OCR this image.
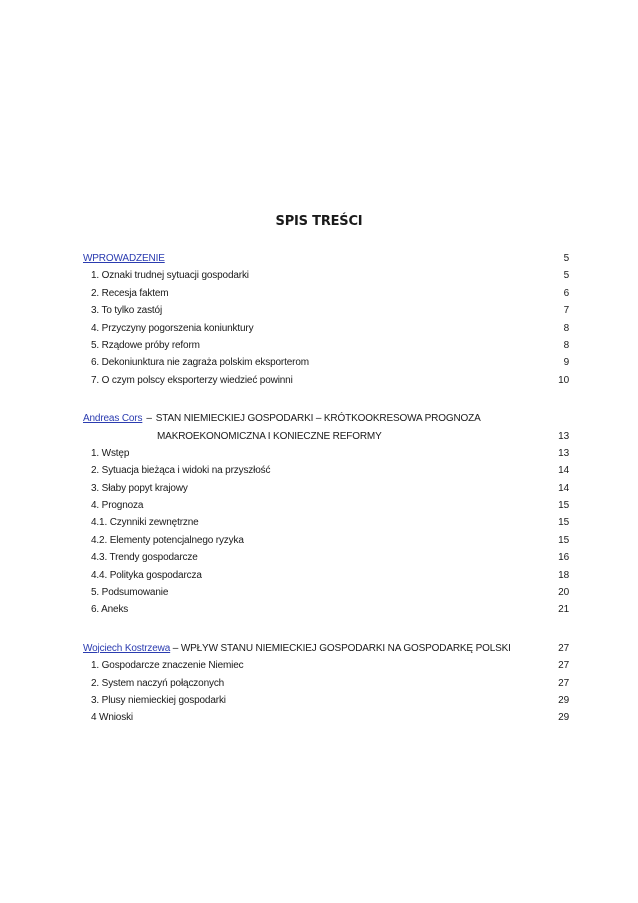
SPIS TREŚCI
WPROWADZENIE	5
1. Oznaki trudnej sytuacji gospodarki	5
2. Recesja faktem	6
3. To tylko zastój	7
4. Przyczyny pogorszenia koniunktury	8
5. Rządowe próby reform	8
6. Dekoniunktura nie zagraża polskim eksporterom	9
7. O czym polscy eksporterzy wiedzieć powinni	10
Andreas Cors – STAN NIEMIECKIEJ GOSPODARKI – KRÓTKOOKRESOWA PROGNOZA
MAKROEKONOMICZNA I KONIECZNE REFORMY	13
1. Wstęp	13
2. Sytuacja bieżąca i widoki na przyszłość	14
3. Słaby popyt krajowy	14
4. Prognoza	15
4.1. Czynniki zewnętrzne	15
4.2. Elementy potencjalnego ryzyka	15
4.3. Trendy gospodarcze	16
4.4. Polityka gospodarcza	18
5. Podsumowanie	20
6. Aneks	21
Wojciech Kostrzewa – WPŁYW STANU NIEMIECKIEJ GOSPODARKI NA GOSPODARKĘ POLSKI	27
1. Gospodarcze znaczenie Niemiec	27
2. System naczyń połączonych	27
3. Plusy niemieckiej gospodarki	29
4 Wnioski	29
